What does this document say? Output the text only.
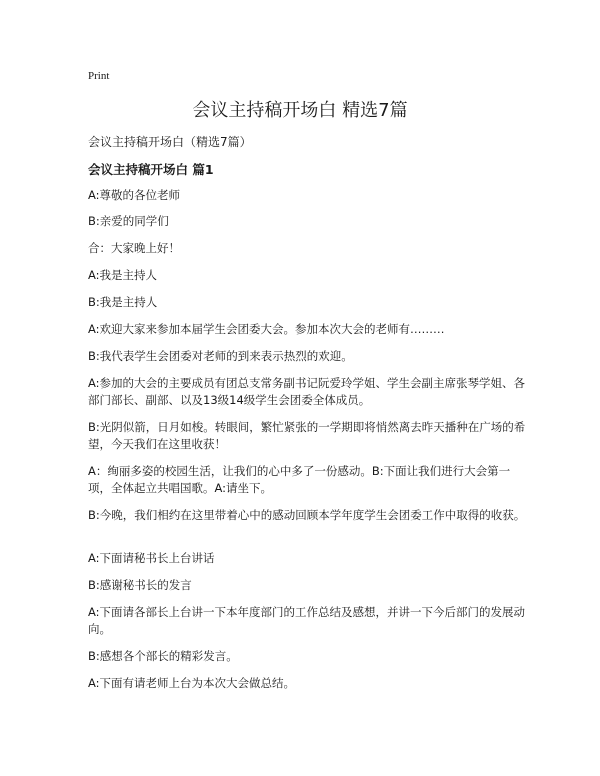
Print
会议主持稿开场白 精选7篇
会议主持稿开场白（精选7篇）
会议主持稿开场白 篇1
A:尊敬的各位老师
B:亲爱的同学们
合：大家晚上好！
A:我是主持人
B:我是主持人
A:欢迎大家来参加本届学生会团委大会。参加本次大会的老师有………
B:我代表学生会团委对老师的到来表示热烈的欢迎。
A:参加的大会的主要成员有团总支常务副书记阮爱玲学姐、学生会副主席张琴学姐、各部门部长、副部、以及13级14级学生会团委全体成员。
B:光阴似箭，日月如梭。转眼间，繁忙紧张的一学期即将悄然离去昨天播种在广场的希望，今天我们在这里收获！
A：绚丽多姿的校园生活，让我们的心中多了一份感动。B:下面让我们进行大会第一项，全体起立共唱国歌。A:请坐下。
B:今晚，我们相约在这里带着心中的感动回顾本学年度学生会团委工作中取得的收获。
A:下面请秘书长上台讲话
B:感谢秘书长的发言
A:下面请各部长上台讲一下本年度部门的工作总结及感想，并讲一下今后部门的发展动向。
B:感想各个部长的精彩发言。
A:下面有请老师上台为本次大会做总结。
